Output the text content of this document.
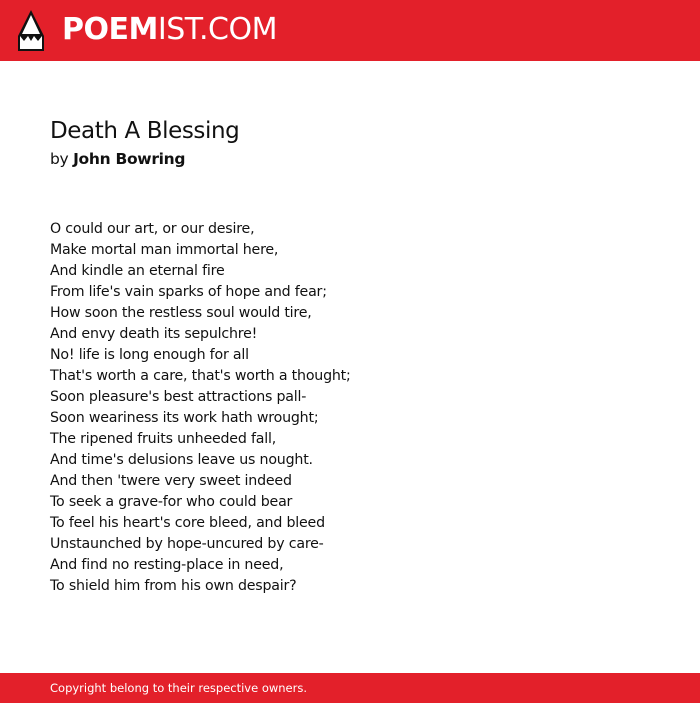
POEMIST.COM
Death A Blessing
by John Bowring
O could our art, or our desire,
Make mortal man immortal here,
And kindle an eternal fire
From life's vain sparks of hope and fear;
How soon the restless soul would tire,
And envy death its sepulchre!
No! life is long enough for all
That's worth a care, that's worth a thought;
Soon pleasure's best attractions pall-
Soon weariness its work hath wrought;
The ripened fruits unheeded fall,
And time's delusions leave us nought.
And then 'twere very sweet indeed
To seek a grave-for who could bear
To feel his heart's core bleed, and bleed
Unstaunched by hope-uncured by care-
And find no resting-place in need,
To shield him from his own despair?
Copyright belong to their respective owners.
